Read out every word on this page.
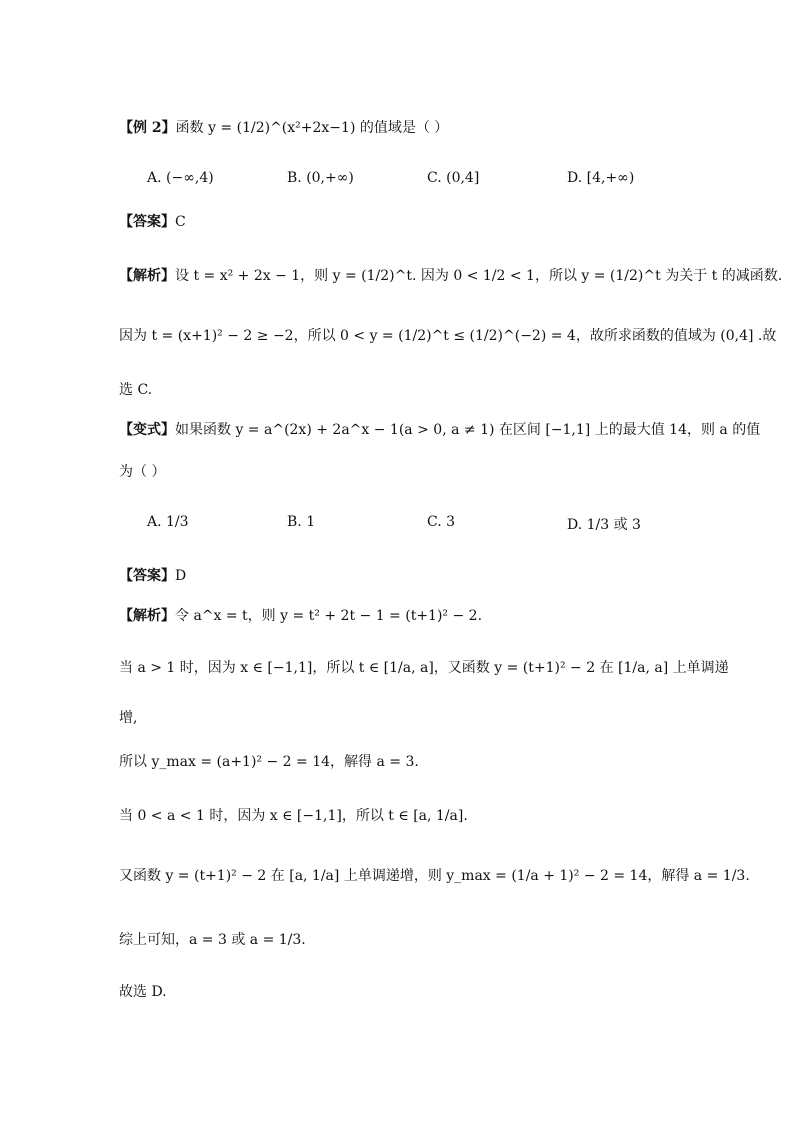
【例 2】函数 y = (1/2)^(x²+2x−1) 的值域是（ ）
A. (−∞,4)	B. (0,+∞)	C. (0,4]	D. [4,+∞)
【答案】C
【解析】设 t = x² + 2x − 1，则 y = (1/2)^t. 因为 0 < 1/2 < 1，所以 y = (1/2)^t 为关于 t 的减函数.
因为 t = (x+1)² − 2 ≥ −2，所以 0 < y = (1/2)^t ≤ (1/2)^(−2) = 4，故所求函数的值域为 (0,4] .故
选 C.
【变式】如果函数 y = a^(2x) + 2a^x − 1(a > 0, a ≠ 1) 在区间 [−1,1] 上的最大值 14，则 a 的值
为（ ）
A. 1/3	B. 1	C. 3	D. 1/3 或 3
【答案】D
【解析】令 a^x = t，则 y = t² + 2t − 1 = (t+1)² − 2.
当 a > 1 时，因为 x ∈ [−1,1]，所以 t ∈ [1/a, a]，又函数 y = (t+1)² − 2 在 [1/a, a] 上单调递
增,
所以 y_max = (a+1)² − 2 = 14，解得 a = 3.
当 0 < a < 1 时，因为 x ∈ [−1,1]，所以 t ∈ [a, 1/a].
又函数 y = (t+1)² − 2 在 [a, 1/a] 上单调递增，则 y_max = (1/a + 1)² − 2 = 14，解得 a = 1/3.
综上可知，a = 3 或 a = 1/3.
故选 D.
